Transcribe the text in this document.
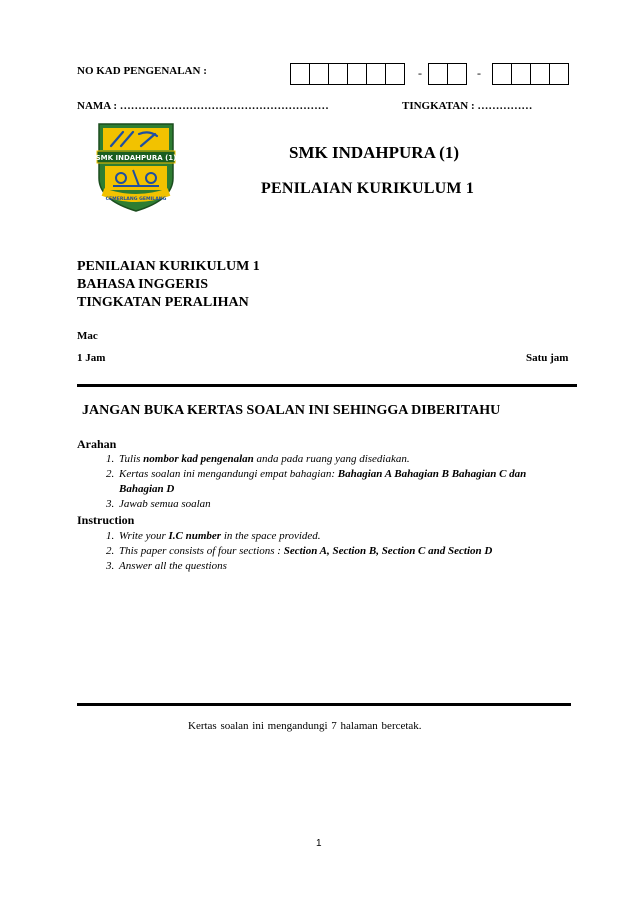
NO KAD PENGENALAN :	-	-
NAMA : …………………………………………………	TINGKATAN : ……………
SMK INDAHPURA (1)
CEMERLANG GEMILANG
SMK INDAHPURA (1)
PENILAIAN KURIKULUM 1
PENILAIAN KURIKULUM 1
BAHASA INGGERIS
TINGKATAN PERALIHAN
Mac
1 Jam	Satu jam
JANGAN BUKA KERTAS SOALAN INI SEHINGGA DIBERITAHU
Arahan
1. Tulis nombor kad pengenalan anda pada ruang yang disediakan.
2. Kertas soalan ini mengandungi empat bahagian: Bahagian A Bahagian B Bahagian C dan Bahagian D
3. Jawab semua soalan
Instruction
1. Write your I.C number in the space provided.
2. This paper consists of four sections : Section A, Section B, Section C and Section D
3. Answer all the questions
Kertas soalan ini mengandungi 7 halaman bercetak.
1
